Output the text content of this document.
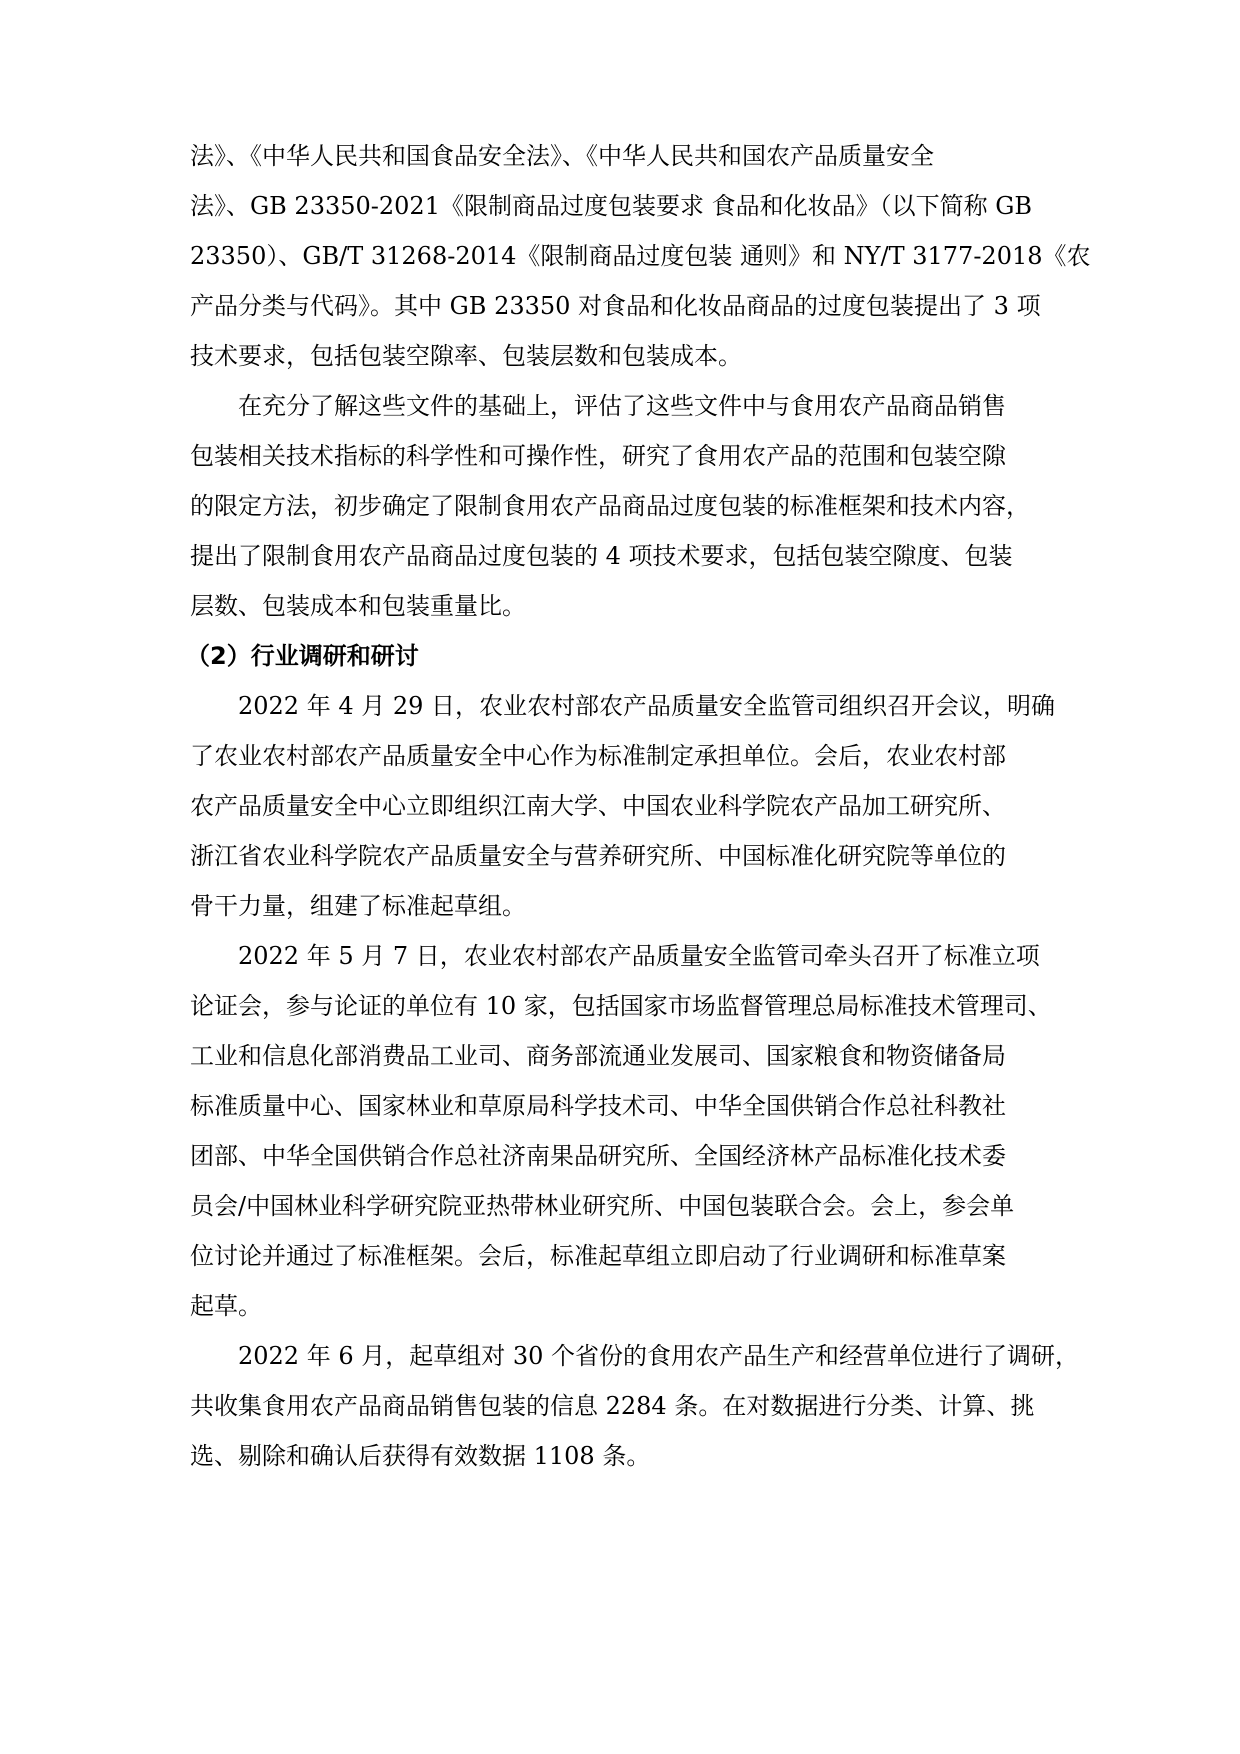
法》、《中华人民共和国食品安全法》、《中华人民共和国农产品质量安全
法》、GB 23350-2021《限制商品过度包装要求 食品和化妆品》（以下简称 GB
23350）、GB/T 31268-2014《限制商品过度包装 通则》和 NY/T 3177-2018《农
产品分类与代码》。其中 GB 23350 对食品和化妆品商品的过度包装提出了 3 项
技术要求，包括包装空隙率、包装层数和包装成本。
在充分了解这些文件的基础上，评估了这些文件中与食用农产品商品销售
包装相关技术指标的科学性和可操作性，研究了食用农产品的范围和包装空隙
的限定方法，初步确定了限制食用农产品商品过度包装的标准框架和技术内容，
提出了限制食用农产品商品过度包装的 4 项技术要求，包括包装空隙度、包装
层数、包装成本和包装重量比。
（2）行业调研和研讨
2022 年 4 月 29 日，农业农村部农产品质量安全监管司组织召开会议，明确
了农业农村部农产品质量安全中心作为标准制定承担单位。会后，农业农村部
农产品质量安全中心立即组织江南大学、中国农业科学院农产品加工研究所、
浙江省农业科学院农产品质量安全与营养研究所、中国标准化研究院等单位的
骨干力量，组建了标准起草组。
2022 年 5 月 7 日，农业农村部农产品质量安全监管司牵头召开了标准立项
论证会，参与论证的单位有 10 家，包括国家市场监督管理总局标准技术管理司、
工业和信息化部消费品工业司、商务部流通业发展司、国家粮食和物资储备局
标准质量中心、国家林业和草原局科学技术司、中华全国供销合作总社科教社
团部、中华全国供销合作总社济南果品研究所、全国经济林产品标准化技术委
员会/中国林业科学研究院亚热带林业研究所、中国包装联合会。会上，参会单
位讨论并通过了标准框架。会后，标准起草组立即启动了行业调研和标准草案
起草。
2022 年 6 月，起草组对 30 个省份的食用农产品生产和经营单位进行了调研，
共收集食用农产品商品销售包装的信息 2284 条。在对数据进行分类、计算、挑
选、剔除和确认后获得有效数据 1108 条。
